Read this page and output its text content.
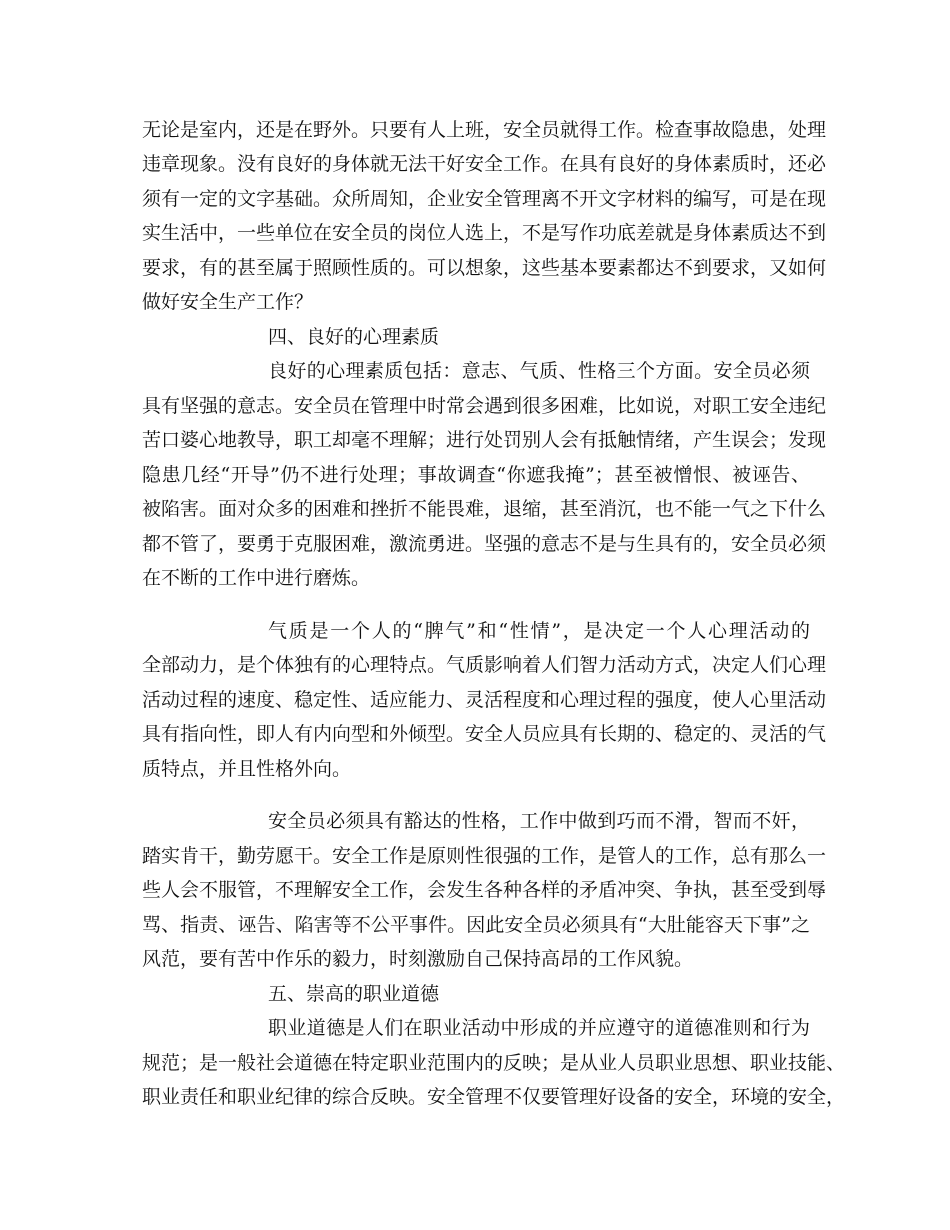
无论是室内，还是在野外。只要有人上班，安全员就得工作。检查事故隐患，处理
违章现象。没有良好的身体就无法干好安全工作。在具有良好的身体素质时，还必
须有一定的文字基础。众所周知，企业安全管理离不开文字材料的编写，可是在现
实生活中，一些单位在安全员的岗位人选上，不是写作功底差就是身体素质达不到
要求，有的甚至属于照顾性质的。可以想象，这些基本要素都达不到要求，又如何
做好安全生产工作？
四、良好的心理素质
良好的心理素质包括：意志、气质、性格三个方面。安全员必须
具有坚强的意志。安全员在管理中时常会遇到很多困难，比如说，对职工安全违纪
苦口婆心地教导，职工却毫不理解；进行处罚别人会有抵触情绪，产生误会；发现
隐患几经“开导”仍不进行处理；事故调查“你遮我掩”；甚至被憎恨、被诬告、
被陷害。面对众多的困难和挫折不能畏难，退缩，甚至消沉，也不能一气之下什么
都不管了，要勇于克服困难，激流勇进。坚强的意志不是与生具有的，安全员必须
在不断的工作中进行磨炼。
气质是一个人的“脾气”和“性情”，是决定一个人心理活动的
全部动力，是个体独有的心理特点。气质影响着人们智力活动方式，决定人们心理
活动过程的速度、稳定性、适应能力、灵活程度和心理过程的强度，使人心里活动
具有指向性，即人有内向型和外倾型。安全人员应具有长期的、稳定的、灵活的气
质特点，并且性格外向。
安全员必须具有豁达的性格，工作中做到巧而不滑，智而不奸，
踏实肯干，勤劳愿干。安全工作是原则性很强的工作，是管人的工作，总有那么一
些人会不服管，不理解安全工作，会发生各种各样的矛盾冲突、争执，甚至受到辱
骂、指责、诬告、陷害等不公平事件。因此安全员必须具有“大肚能容天下事”之
风范，要有苦中作乐的毅力，时刻激励自己保持高昂的工作风貌。
五、崇高的职业道德
职业道德是人们在职业活动中形成的并应遵守的道德准则和行为
规范；是一般社会道德在特定职业范围内的反映；是从业人员职业思想、职业技能、
职业责任和职业纪律的综合反映。安全管理不仅要管理好设备的安全，环境的安全，
